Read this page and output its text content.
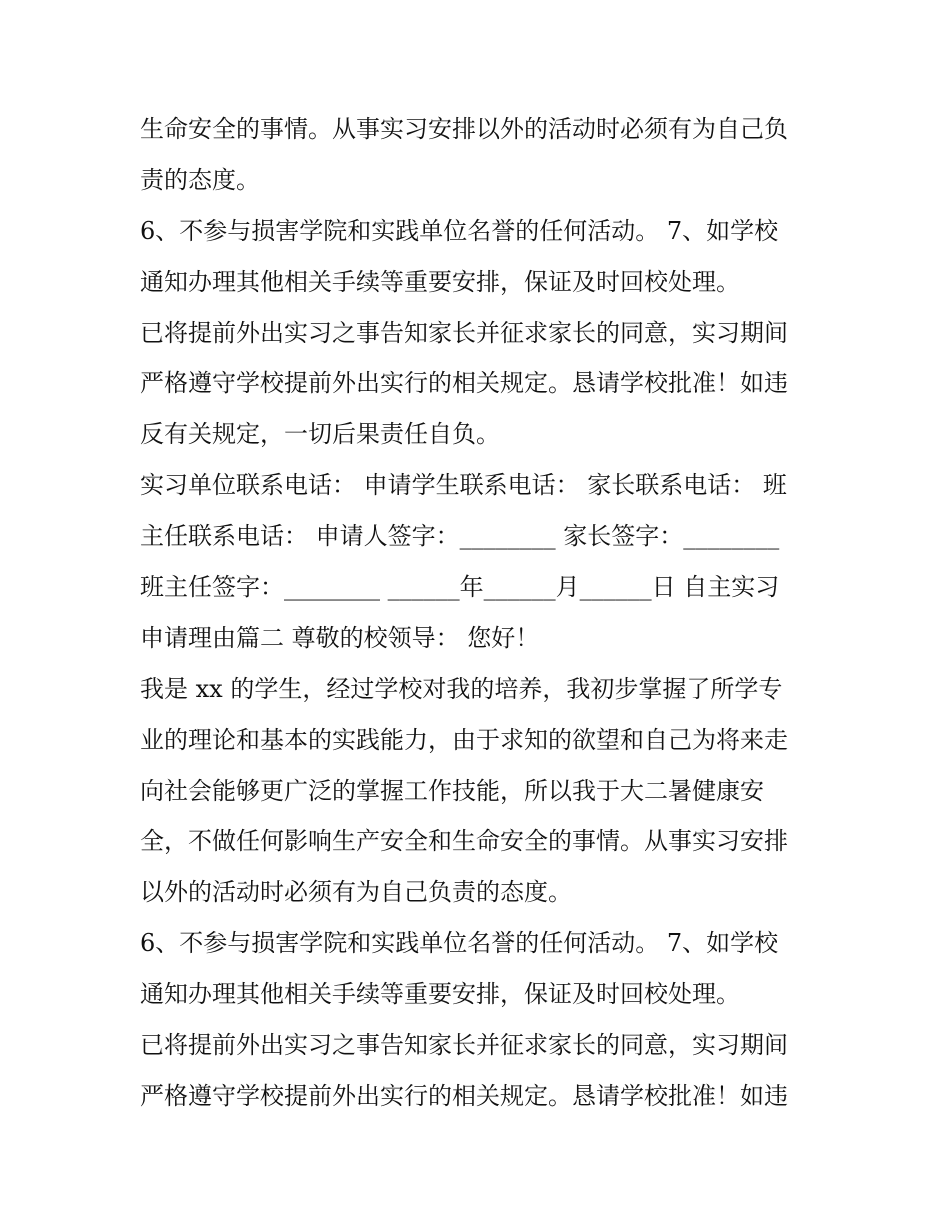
生命安全的事情。从事实习安排以外的活动时必须有为自己负
责的态度。
6、不参与损害学院和实践单位名誉的任何活动。 7、如学校
通知办理其他相关手续等重要安排，保证及时回校处理。
已将提前外出实习之事告知家长并征求家长的同意，实习期间
严格遵守学校提前外出实行的相关规定。恳请学校批准！如违
反有关规定，一切后果责任自负。
实习单位联系电话： 申请学生联系电话： 家长联系电话： 班
主任联系电话： 申请人签字：________ 家长签字：________
班主任签字：________ ______年______月______日 自主实习
申请理由篇二 尊敬的校领导： 您好！
我是 xx 的学生，经过学校对我的培养，我初步掌握了所学专
业的理论和基本的实践能力，由于求知的欲望和自己为将来走
向社会能够更广泛的掌握工作技能，所以我于大二暑健康安
全，不做任何影响生产安全和生命安全的事情。从事实习安排
以外的活动时必须有为自己负责的态度。
6、不参与损害学院和实践单位名誉的任何活动。 7、如学校
通知办理其他相关手续等重要安排，保证及时回校处理。
已将提前外出实习之事告知家长并征求家长的同意，实习期间
严格遵守学校提前外出实行的相关规定。恳请学校批准！如违
